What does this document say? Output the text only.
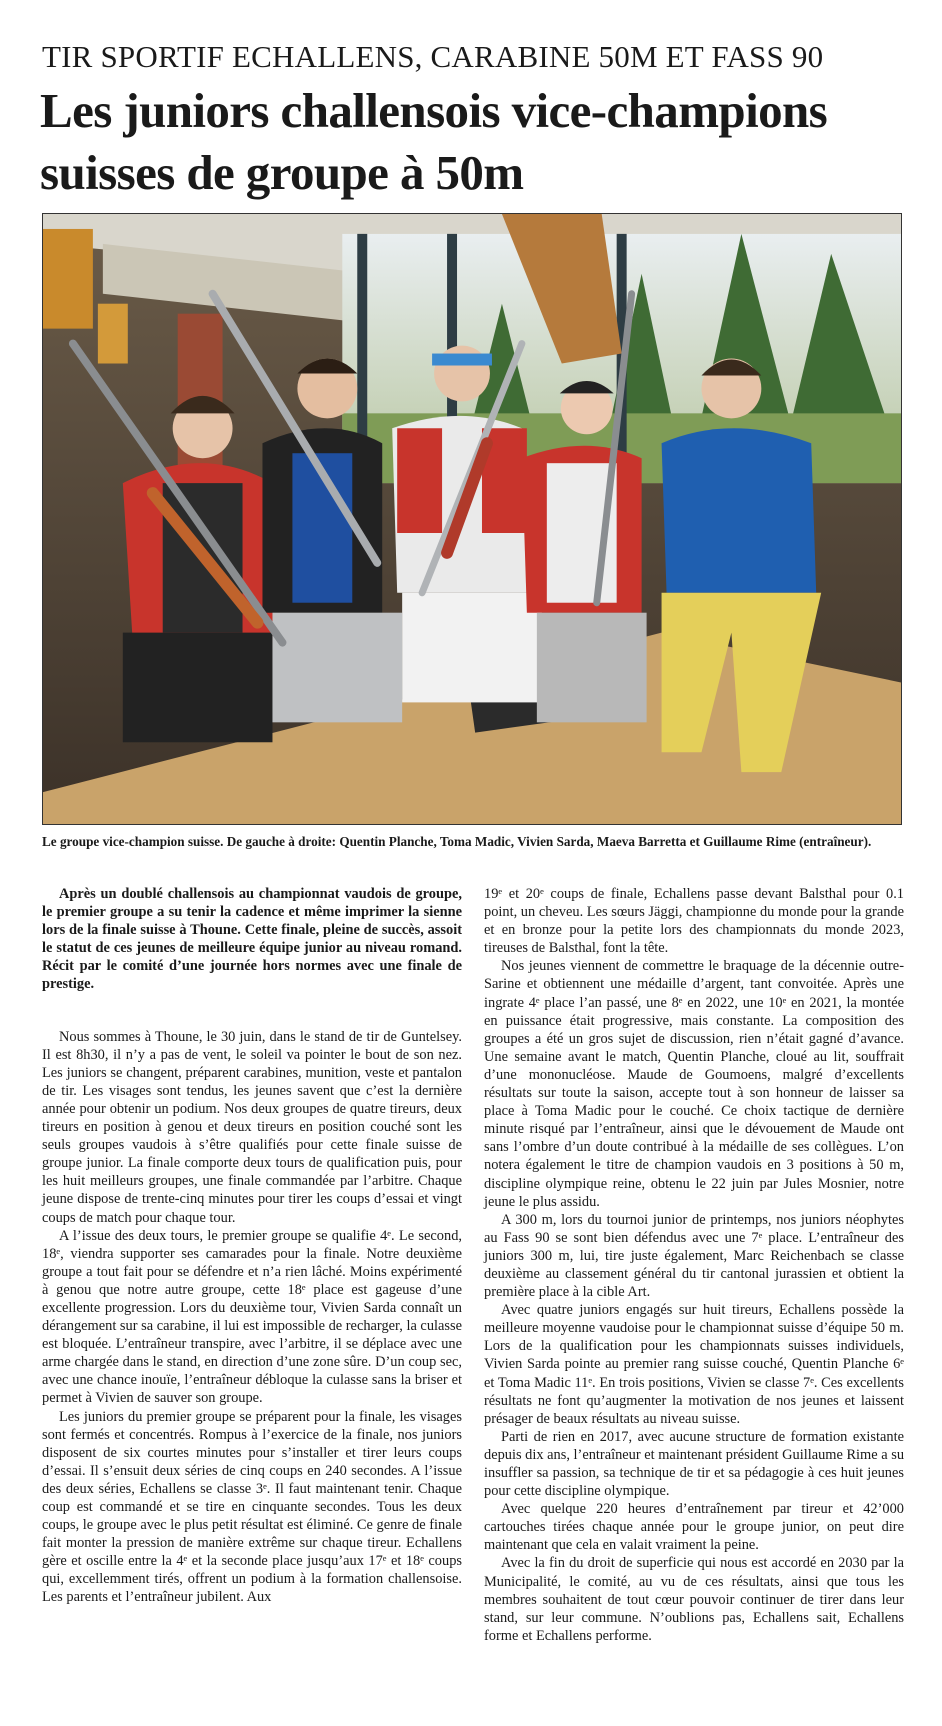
TIR SPORTIF ECHALLENS, CARABINE 50M ET FASS 90
Les juniors challensois vice-champions suisses de groupe à 50m
Le groupe vice-champion suisse. De gauche à droite: Quentin Planche, Toma Madic, Vivien Sarda, Maeva Barretta et Guillaume Rime (entraîneur).

Après un doublé challensois au championnat vaudois de groupe, le premier groupe a su tenir la cadence et même imprimer la sienne lors de la finale suisse à Thoune. Cette finale, pleine de succès, assoit le statut de ces jeunes de meilleure équipe junior au niveau romand. Récit par le comité d’une journée hors normes avec une finale de prestige.

Nous sommes à Thoune, le 30 juin, dans le stand de tir de Guntelsey. Il est 8h30, il n’y a pas de vent, le soleil va pointer le bout de son nez. Les juniors se changent, préparent carabines, munition, veste et pantalon de tir. Les visages sont tendus, les jeunes savent que c’est la dernière année pour obtenir un podium. Nos deux groupes de quatre tireurs, deux tireurs en position à genou et deux tireurs en position couché sont les seuls groupes vaudois à s’être qualifiés pour cette finale suisse de groupe junior. La finale comporte deux tours de qualification puis, pour les huit meilleurs groupes, une finale commandée par l’arbitre. Chaque jeune dispose de trente-cinq minutes pour tirer les coups d’essai et vingt coups de match pour chaque tour.

A l’issue des deux tours, le premier groupe se qualifie 4ᵉ. Le second, 18ᵉ, viendra supporter ses camarades pour la finale. Notre deuxième groupe a tout fait pour se défendre et n’a rien lâché. Moins expérimenté à genou que notre autre groupe, cette 18ᵉ place est gageuse d’une excellente progression. Lors du deuxième tour, Vivien Sarda connaît un dérangement sur sa carabine, il lui est impossible de recharger, la culasse est bloquée. L’entraîneur transpire, avec l’arbitre, il se déplace avec une arme chargée dans le stand, en direction d’une zone sûre. D’un coup sec, avec une chance inouïe, l’entraîneur débloque la culasse sans la briser et permet à Vivien de sauver son groupe.

Les juniors du premier groupe se préparent pour la finale, les visages sont fermés et concentrés. Rompus à l’exercice de la finale, nos juniors disposent de six courtes minutes pour s’installer et tirer leurs coups d’essai. Il s’ensuit deux séries de cinq coups en 240 secondes. A l’issue des deux séries, Echallens se classe 3ᵉ. Il faut maintenant tenir. Chaque coup est commandé et se tire en cinquante secondes. Tous les deux coups, le groupe avec le plus petit résultat est éliminé. Ce genre de finale fait monter la pression de manière extrême sur chaque tireur. Echallens gère et oscille entre la 4ᵉ et la seconde place jusqu’aux 17ᵉ et 18ᵉ coups qui, excellemment tirés, offrent un podium à la formation challensoise. Les parents et l’entraîneur jubilent. Aux

19ᵉ et 20ᵉ coups de finale, Echallens passe devant Balsthal pour 0.1 point, un cheveu. Les sœurs Jäggi, championne du monde pour la grande et en bronze pour la petite lors des championnats du monde 2023, tireuses de Balsthal, font la tête.

Nos jeunes viennent de commettre le braquage de la décennie outre-Sarine et obtiennent une médaille d’argent, tant convoitée. Après une ingrate 4ᵉ place l’an passé, une 8ᵉ en 2022, une 10ᵉ en 2021, la montée en puissance était progressive, mais constante. La composition des groupes a été un gros sujet de discussion, rien n’était gagné d’avance. Une semaine avant le match, Quentin Planche, cloué au lit, souffrait d’une mononucléose. Maude de Goumoens, malgré d’excellents résultats sur toute la saison, accepte tout à son honneur de laisser sa place à Toma Madic pour le couché. Ce choix tactique de dernière minute risqué par l’entraîneur, ainsi que le dévouement de Maude ont sans l’ombre d’un doute contribué à la médaille de ses collègues. L’on notera également le titre de champion vaudois en 3 positions à 50 m, discipline olympique reine, obtenu le 22 juin par Jules Mosnier, notre jeune le plus assidu.

A 300 m, lors du tournoi junior de printemps, nos juniors néophytes au Fass 90 se sont bien défendus avec une 7ᵉ place. L’entraîneur des juniors 300 m, lui, tire juste également, Marc Reichenbach se classe deuxième au classement général du tir cantonal jurassien et obtient la première place à la cible Art.

Avec quatre juniors engagés sur huit tireurs, Echallens possède la meilleure moyenne vaudoise pour le championnat suisse d’équipe 50 m. Lors de la qualification pour les championnats suisses individuels, Vivien Sarda pointe au premier rang suisse couché, Quentin Planche 6ᵉ et Toma Madic 11ᵉ. En trois positions, Vivien se classe 7ᵉ. Ces excellents résultats ne font qu’augmenter la motivation de nos jeunes et laissent présager de beaux résultats au niveau suisse.

Parti de rien en 2017, avec aucune structure de formation existante depuis dix ans, l’entraîneur et maintenant président Guillaume Rime a su insuffler sa passion, sa technique de tir et sa pédagogie à ces huit jeunes pour cette discipline olympique.

Avec quelque 220 heures d’entraînement par tireur et 42’000 cartouches tirées chaque année pour le groupe junior, on peut dire maintenant que cela en valait vraiment la peine.

Avec la fin du droit de superficie qui nous est accordé en 2030 par la Municipalité, le comité, au vu de ces résultats, ainsi que tous les membres souhaitent de tout cœur pouvoir continuer de tirer dans leur stand, sur leur commune. N’oublions pas, Echallens sait, Echallens forme et Echallens performe.
